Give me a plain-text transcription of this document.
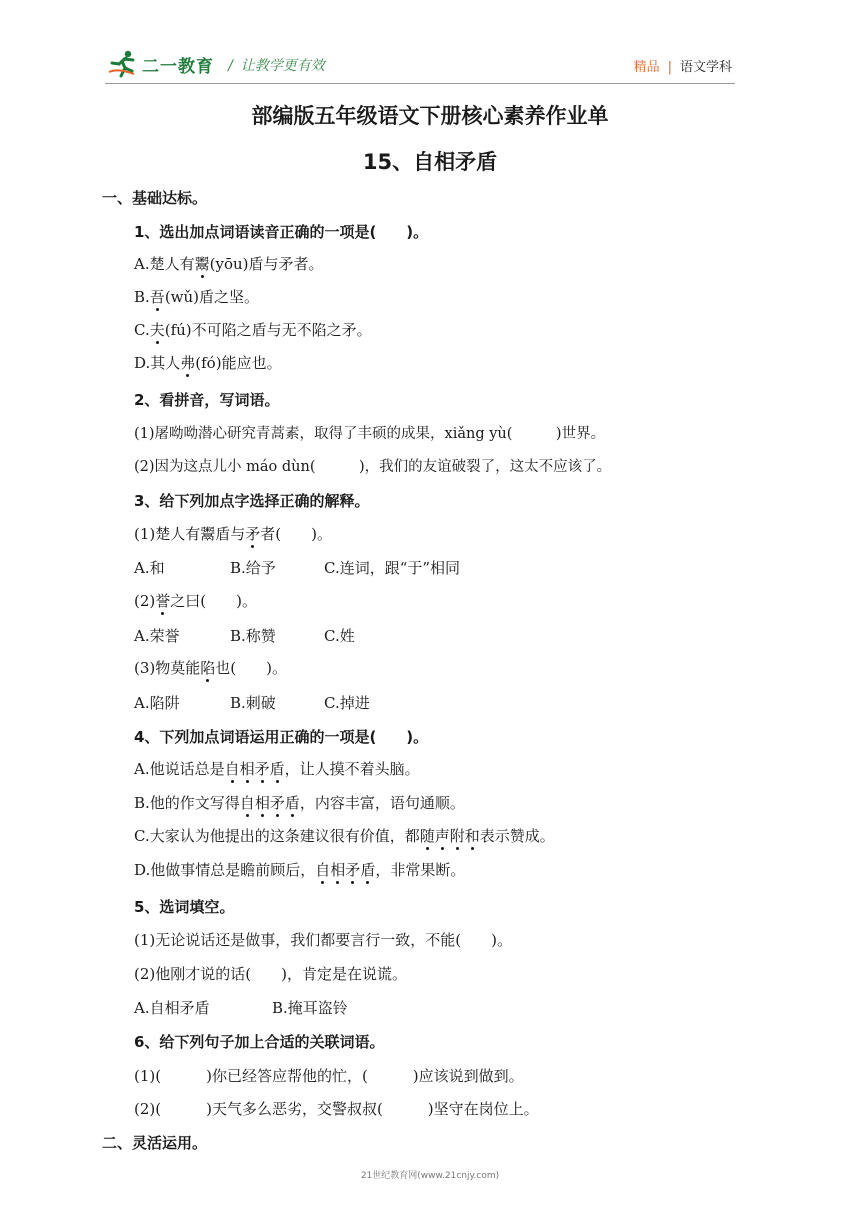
二一教育 / 让教学更有效	精品 | 语文学科
部编版五年级语文下册核心素养作业单
15、自相矛盾
一、基础达标。
1、选出加点词语读音正确的一项是(　　)。
A.楚人有鬻(yōu)盾与矛者。
B.吾(wǔ)盾之坚。
C.夫(fú)不可陷之盾与无不陷之矛。
D.其人弗(fó)能应也。
2、看拼音，写词语。
(1)屠呦呦潜心研究青蒿素，取得了丰硕的成果，xiǎng yù(　　　)世界。
(2)因为这点儿小 máo dùn(　　　)，我们的友谊破裂了，这太不应该了。
3、给下列加点字选择正确的解释。
(1)楚人有鬻盾与矛者(　　)。
A.和	B.给予	C.连词，跟“于”相同
(2)誉之曰(　　)。
A.荣誉	B.称赞	C.姓
(3)物莫能陷也(　　)。
A.陷阱	B.刺破	C.掉进
4、下列加点词语运用正确的一项是(　　)。
A.他说话总是自相矛盾，让人摸不着头脑。
B.他的作文写得自相矛盾，内容丰富，语句通顺。
C.大家认为他提出的这条建议很有价值，都随声附和表示赞成。
D.他做事情总是瞻前顾后，自相矛盾，非常果断。
5、选词填空。
(1)无论说话还是做事，我们都要言行一致，不能(　　)。
(2)他刚才说的话(　　)，肯定是在说谎。
A.自相矛盾	B.掩耳盗铃
6、给下列句子加上合适的关联词语。
(1)(　　　)你已经答应帮他的忙，(　　　)应该说到做到。
(2)(　　　)天气多么恶劣，交警叔叔(　　　)坚守在岗位上。
二、灵活运用。
21世纪教育网(www.21cnjy.com)
